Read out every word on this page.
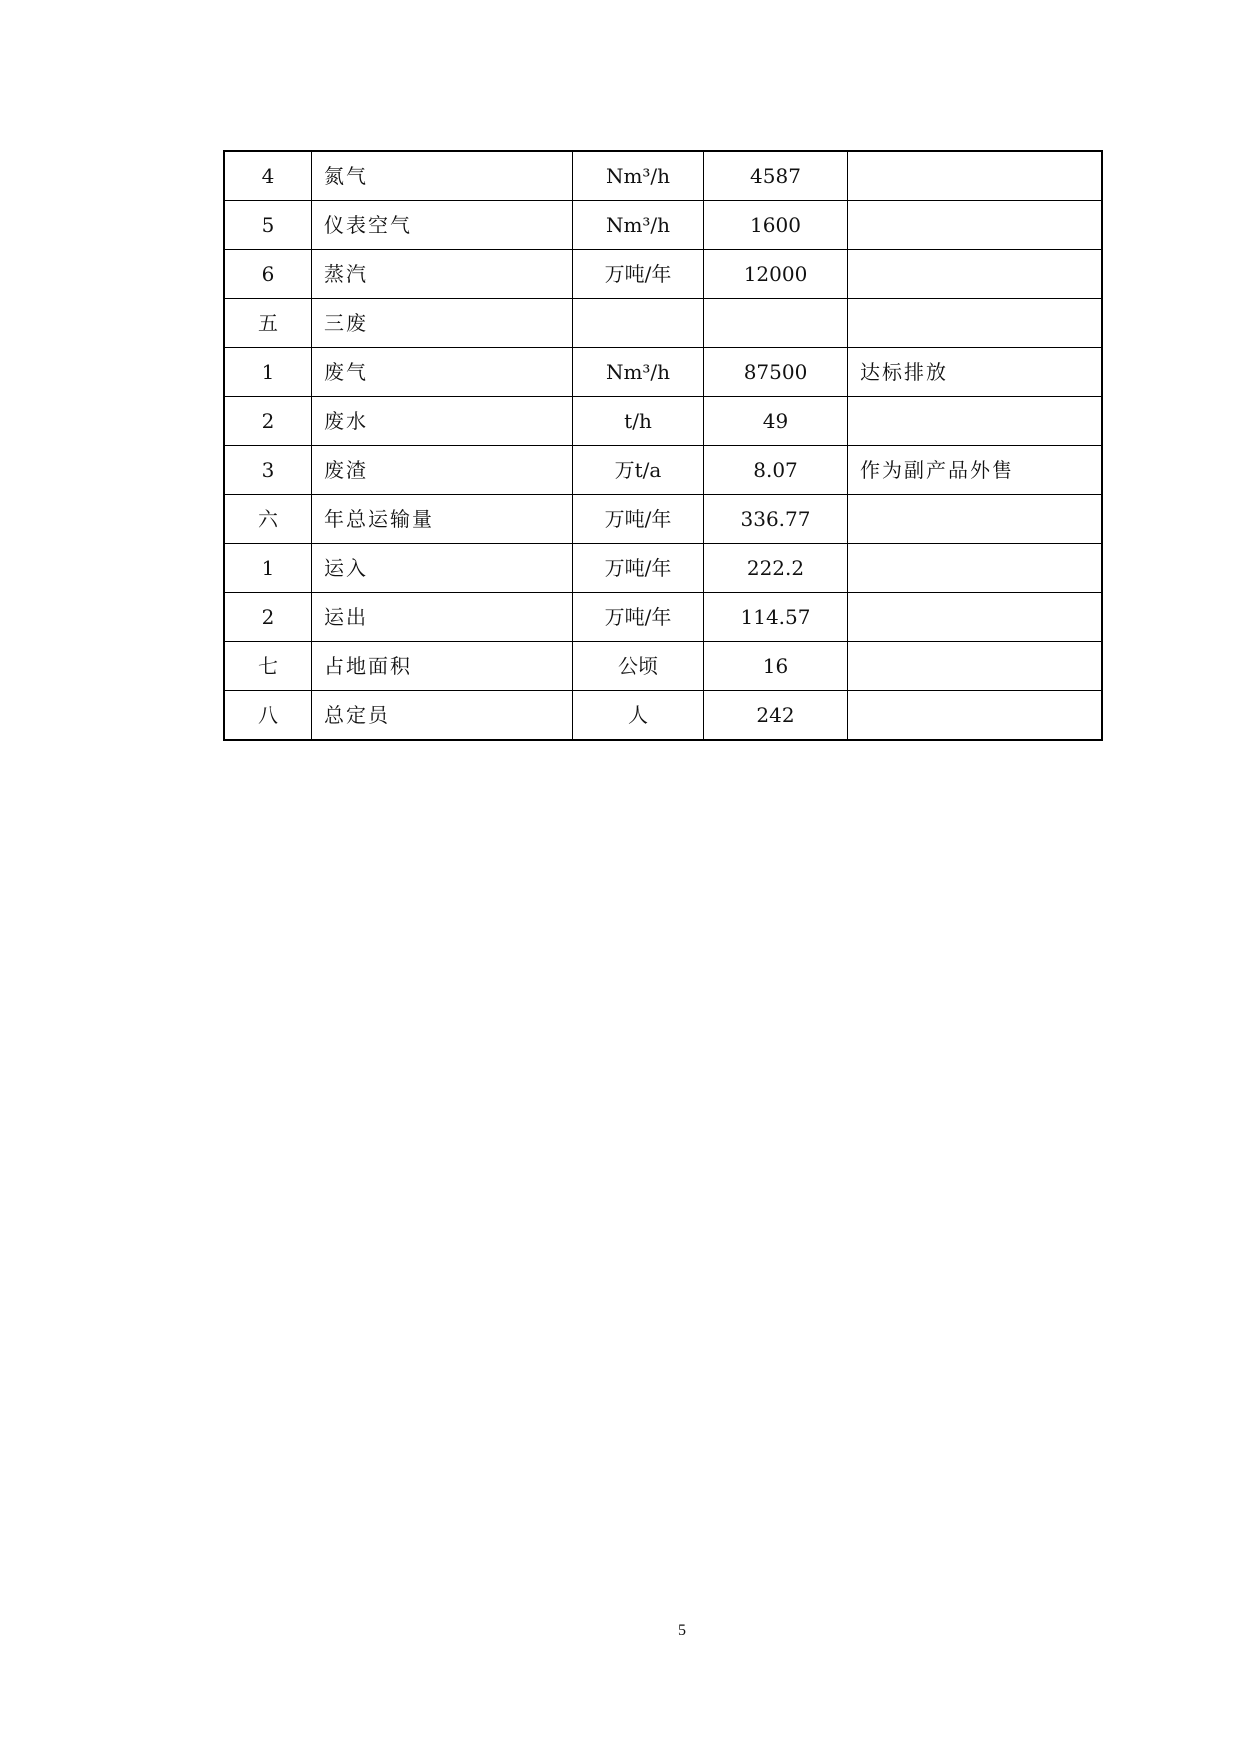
4	氮气	Nm³/h	4587	
5	仪表空气	Nm³/h	1600	
6	蒸汽	万吨/年	12000	
五	三废			
1	废气	Nm³/h	87500	达标排放
2	废水	t/h	49	
3	废渣	万t/a	8.07	作为副产品外售
六	年总运输量	万吨/年	336.77	
1	运入	万吨/年	222.2	
2	运出	万吨/年	114.57	
七	占地面积	公顷	16	
八	总定员	人	242	
5
